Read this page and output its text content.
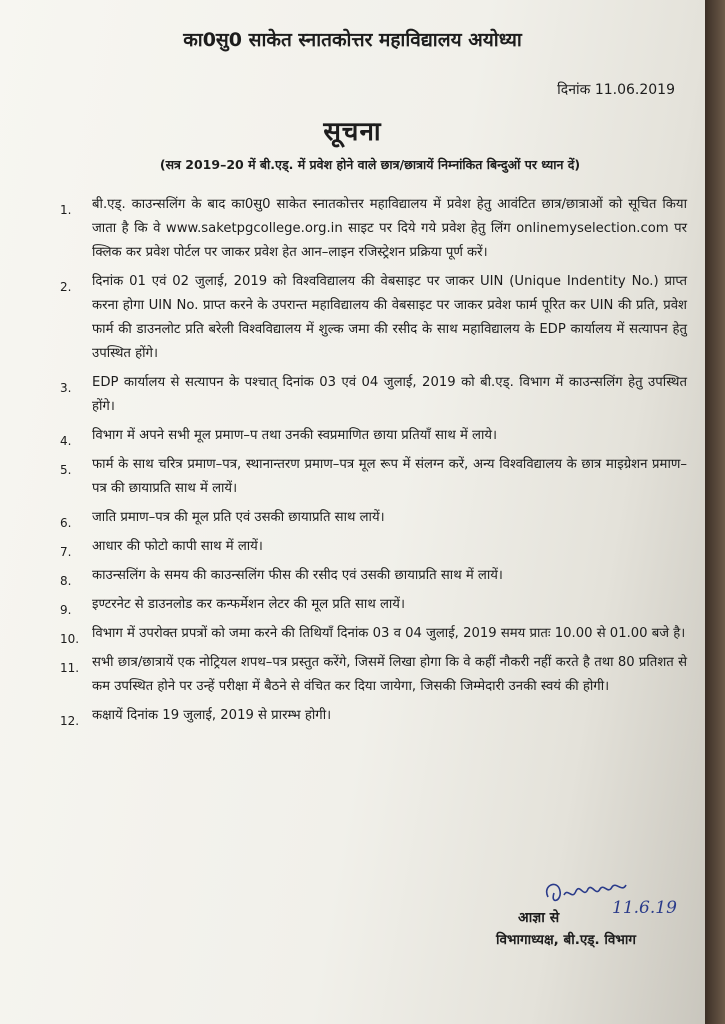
का0सु0 साकेत स्नातकोत्तर महाविद्यालय अयोध्या
दिनांक 11.06.2019
सूचना
(सत्र 2019–20 में बी.एड्. में प्रवेश होने वाले छात्र/छात्रायें निम्नांकित बिन्दुओं पर ध्यान दें)
1. बी.एड्. काउन्सलिंग के बाद का0सु0 साकेत स्नातकोत्तर महाविद्यालय में प्रवेश हेतु आवंटित छात्र/छात्राओं को सूचित किया जाता है कि वे www.saketpgcollege.org.in साइट पर दिये गये प्रवेश हेतु लिंग onlinemyselection.com पर क्लिक कर प्रवेश पोर्टल पर जाकर प्रवेश हेत आन–लाइन रजिस्ट्रेशन प्रक्रिया पूर्ण करें।
2. दिनांक 01 एवं 02 जुलाई, 2019 को विश्वविद्यालय की वेबसाइट पर जाकर UIN (Unique Indentity No.) प्राप्त करना होगा UIN No. प्राप्त करने के उपरान्त महाविद्यालय की वेबसाइट पर जाकर प्रवेश फार्म पूरित कर UIN की प्रति, प्रवेश फार्म की डाउनलोट प्रति बरेली विश्वविद्यालय में शुल्क जमा की रसीद के साथ महाविद्यालय के EDP कार्यालय में सत्यापन हेतु उपस्थित होंगे।
3. EDP कार्यालय से सत्यापन के पश्चात् दिनांक 03 एवं 04 जुलाई, 2019 को बी.एड्. विभाग में काउन्सलिंग हेतु उपस्थित होंगे।
4. विभाग में अपने सभी मूल प्रमाण–प तथा उनकी स्वप्रमाणित छाया प्रतियाँ साथ में लाये।
5. फार्म के साथ चरित्र प्रमाण–पत्र, स्थानान्तरण प्रमाण–पत्र मूल रूप में संलग्न करें, अन्य विश्वविद्यालय के छात्र माइग्रेशन प्रमाण–पत्र की छायाप्रति साथ में लायें।
6. जाति प्रमाण–पत्र की मूल प्रति एवं उसकी छायाप्रति साथ लायें।
7. आधार की फोटो कापी साथ में लायें।
8. काउन्सलिंग के समय की काउन्सलिंग फीस की रसीद एवं उसकी छायाप्रति साथ में लायें।
9. इण्टरनेट से डाउनलोड कर कन्फर्मेशन लेटर की मूल प्रति साथ लायें।
10. विभाग में उपरोक्त प्रपत्रों को जमा करने की तिथियाँ दिनांक 03 व 04 जुलाई, 2019 समय प्रातः 10.00 से 01.00 बजे है।
11. सभी छात्र/छात्रायें एक नोट्रियल शपथ–पत्र प्रस्तुत करेंगे, जिसमें लिखा होगा कि वे कहीं नौकरी नहीं करते है तथा 80 प्रतिशत से कम उपस्थित होने पर उन्हें परीक्षा में बैठने से वंचित कर दिया जायेगा, जिसकी जिम्मेदारी उनकी स्वयं की होगी।
12. कक्षायें दिनांक 19 जुलाई, 2019 से प्रारम्भ होगी।
आज्ञा से	11.6.19
विभागाध्यक्ष, बी.एड्. विभाग
